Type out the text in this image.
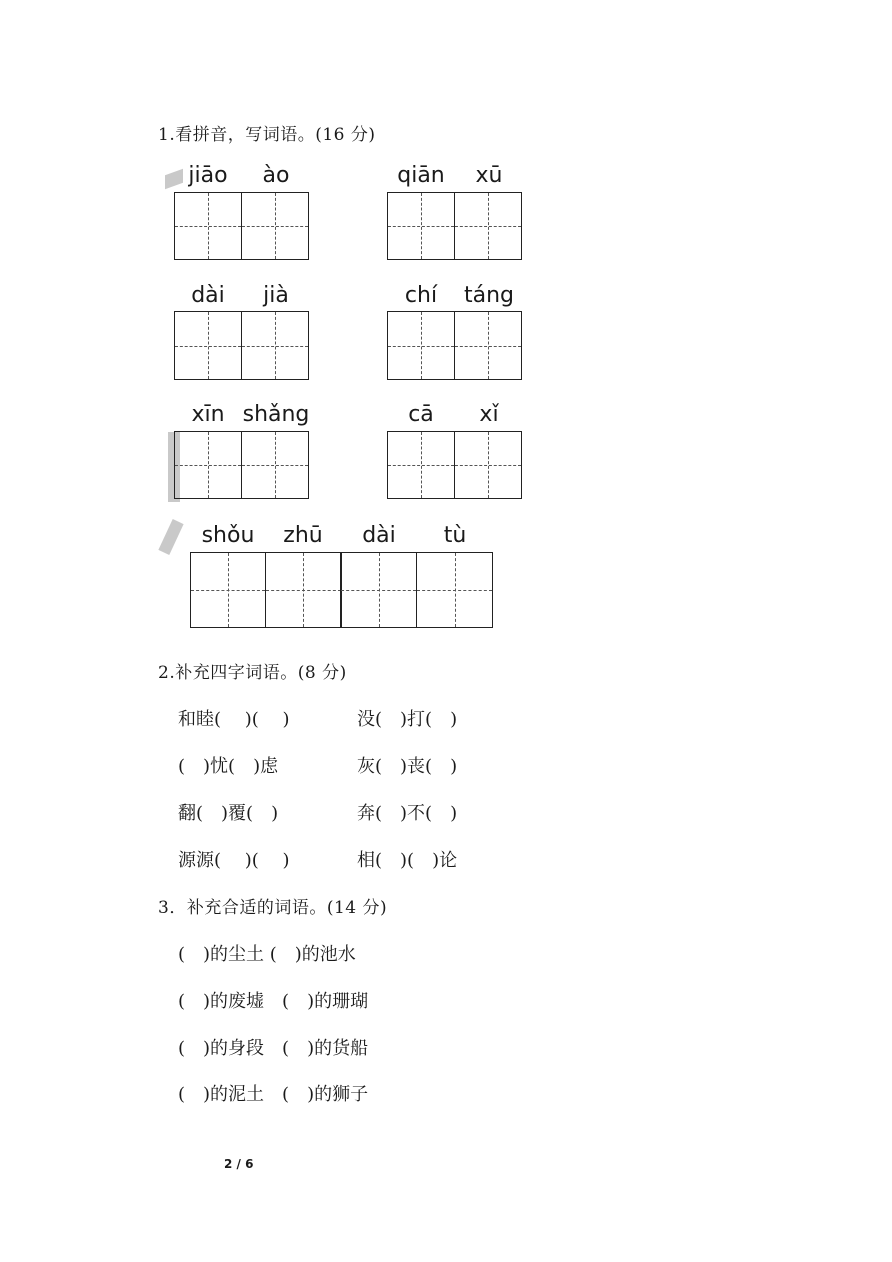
1.看拼音，写词语。(16 分)
jiāo ào	qiān xū
dài jià	chí táng
xīn shǎng	cā xǐ
shǒu zhū dài tù
2.补充四字词语。(8 分)
和睦(　 )(　 )	没(　)打(　)
(　)忧(　)虑	灰(　)丧(　)
翻(　)覆(　)	奔(　)不(　)
源源(　 )(　 )	相(　)(　)论
3．补充合适的词语。(14 分)
(　)的尘土 (　)的池水
(　)的废墟　(　)的珊瑚
(　)的身段　(　)的货船
(　)的泥土　(　)的狮子
2 / 6
